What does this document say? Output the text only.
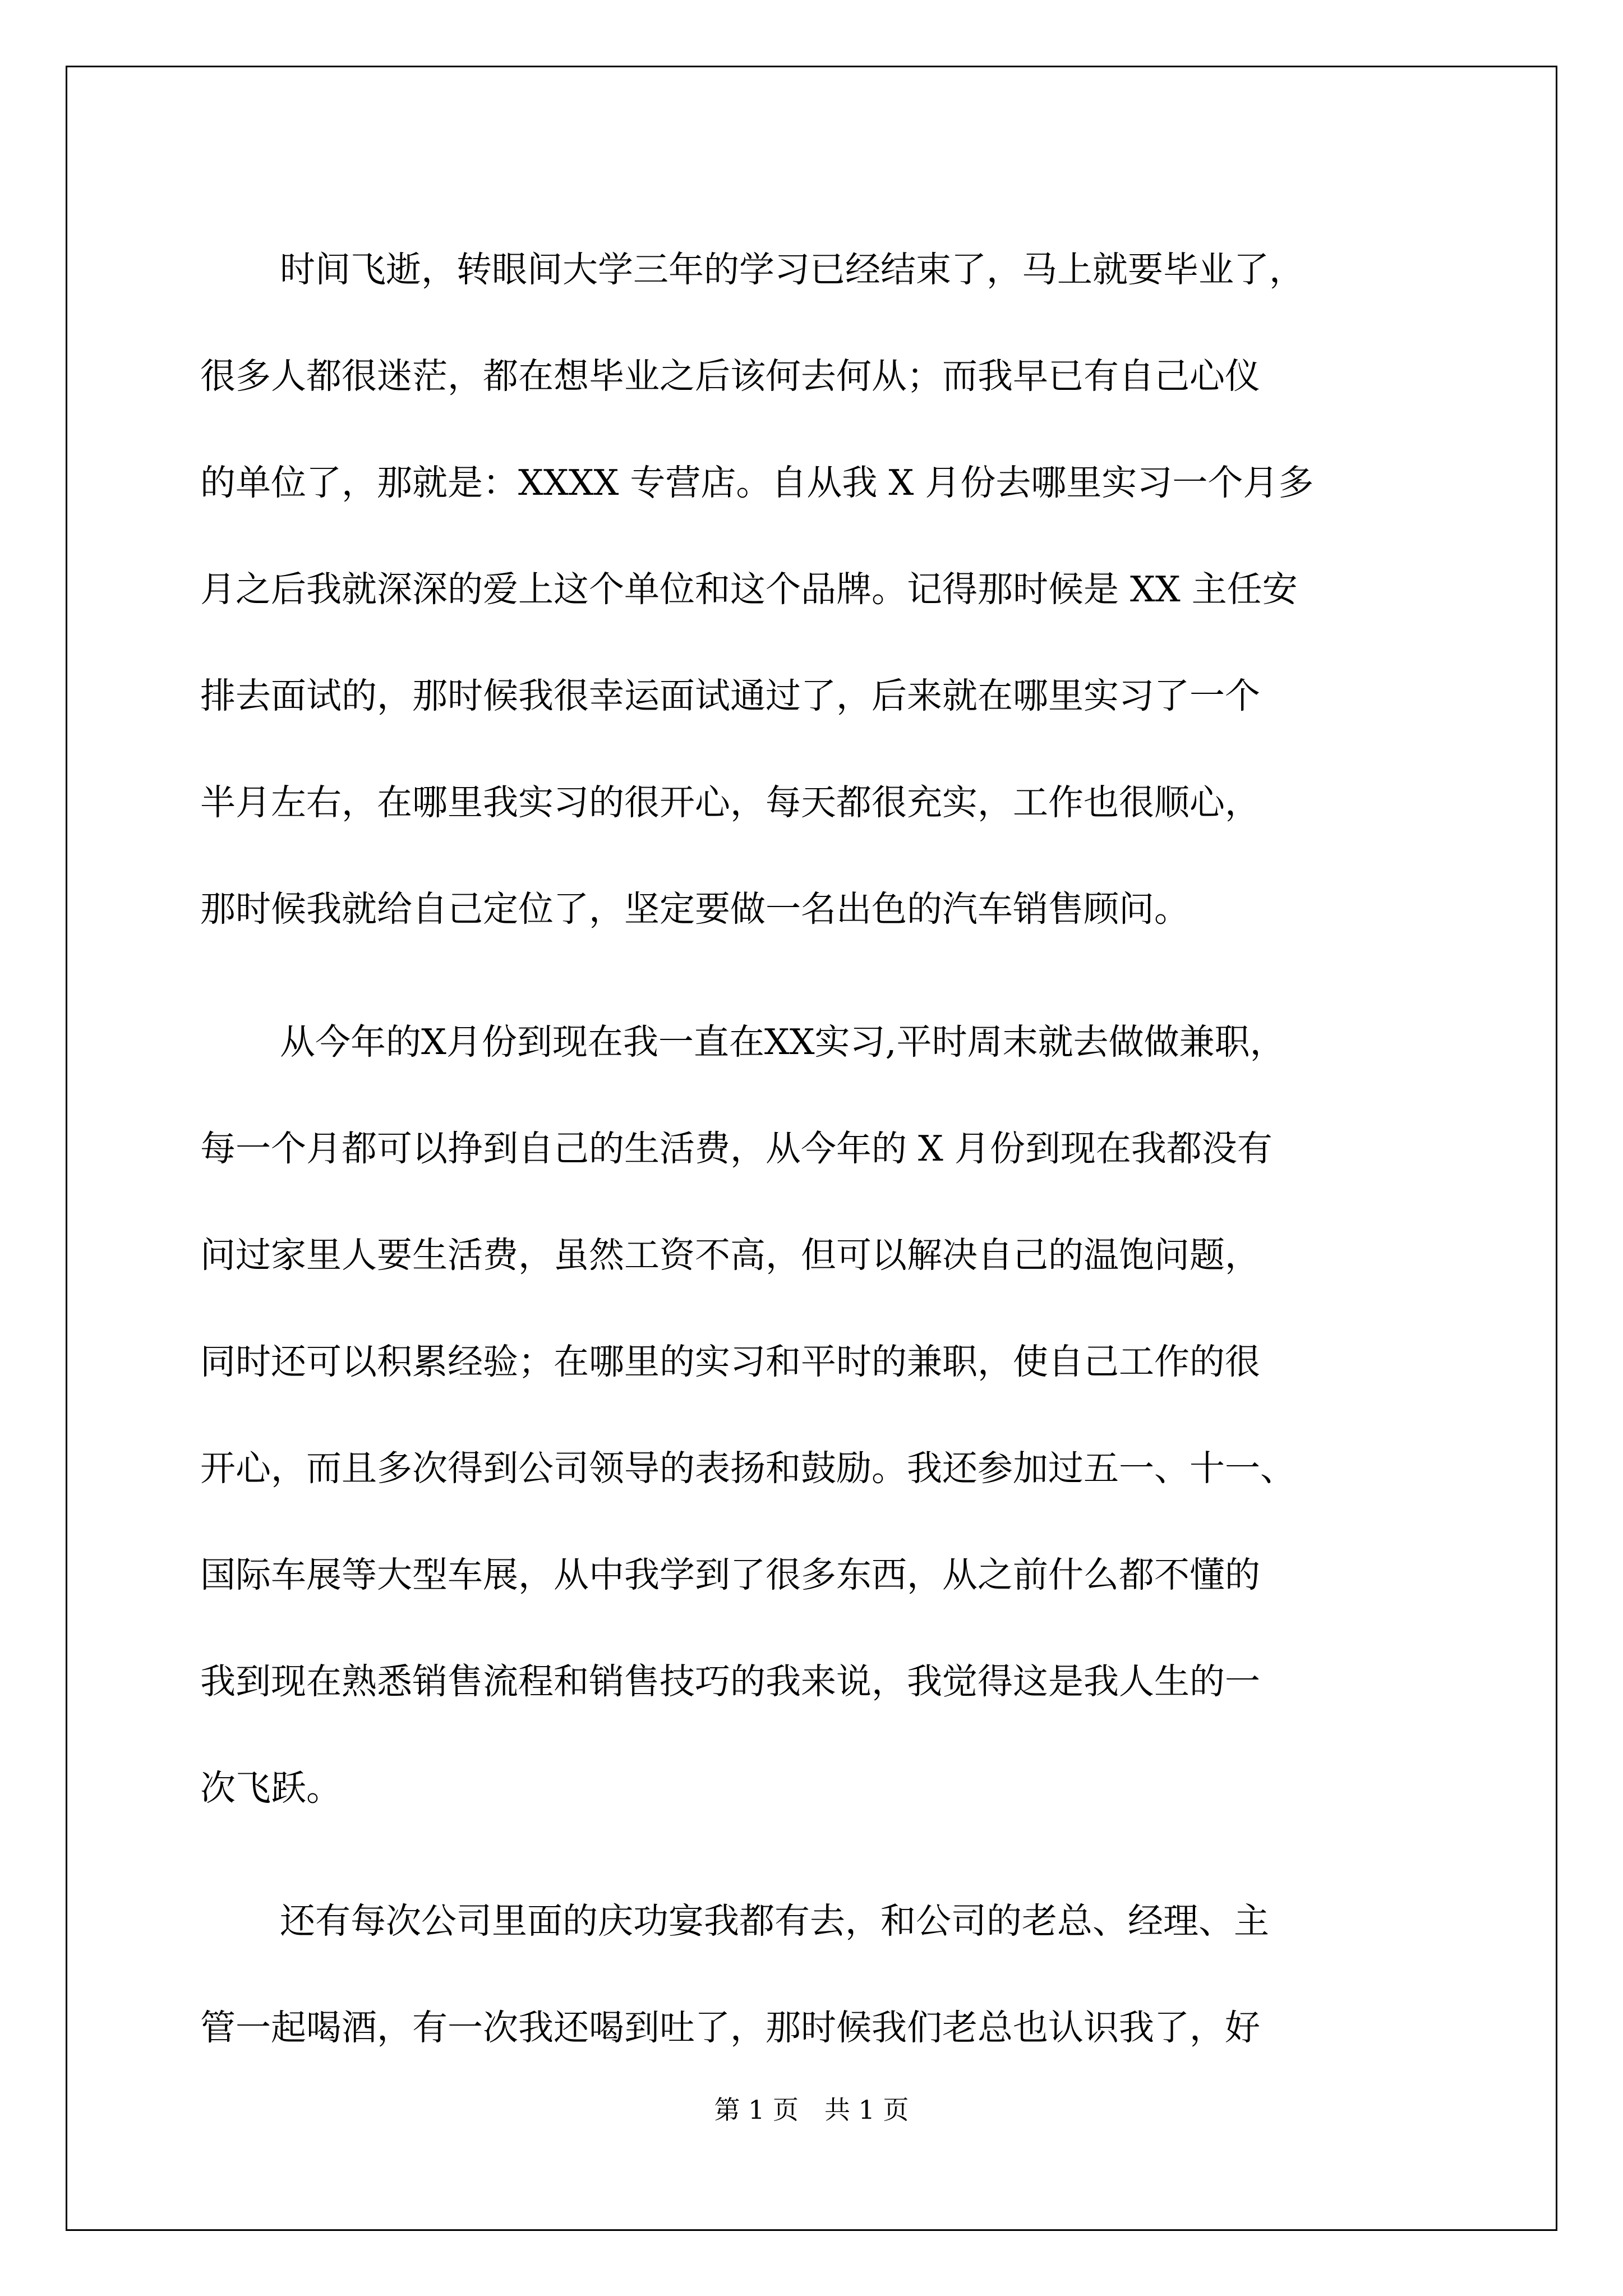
时间飞逝，转眼间大学三年的学习已经结束了，马上就要毕业了，
很多人都很迷茫，都在想毕业之后该何去何从；而我早已有自己心仪
的单位了，那就是：XXXX 专营店。自从我 X 月份去哪里实习一个月多
月之后我就深深的爱上这个单位和这个品牌。记得那时候是 XX 主任安
排去面试的，那时候我很幸运面试通过了，后来就在哪里实习了一个
半月左右，在哪里我实习的很开心，每天都很充实，工作也很顺心，
那时候我就给自己定位了，坚定要做一名出色的汽车销售顾问。
从今年的X月份到现在我一直在XX实习,平时周末就去做做兼职，
每一个月都可以挣到自己的生活费，从今年的 X 月份到现在我都没有
问过家里人要生活费，虽然工资不高，但可以解决自己的温饱问题，
同时还可以积累经验；在哪里的实习和平时的兼职，使自己工作的很
开心，而且多次得到公司领导的表扬和鼓励。我还参加过五一、十一、
国际车展等大型车展，从中我学到了很多东西，从之前什么都不懂的
我到现在熟悉销售流程和销售技巧的我来说，我觉得这是我人生的一
次飞跃。
还有每次公司里面的庆功宴我都有去，和公司的老总、经理、主
管一起喝酒，有一次我还喝到吐了，那时候我们老总也认识我了，好
第 1 页 共 1 页
